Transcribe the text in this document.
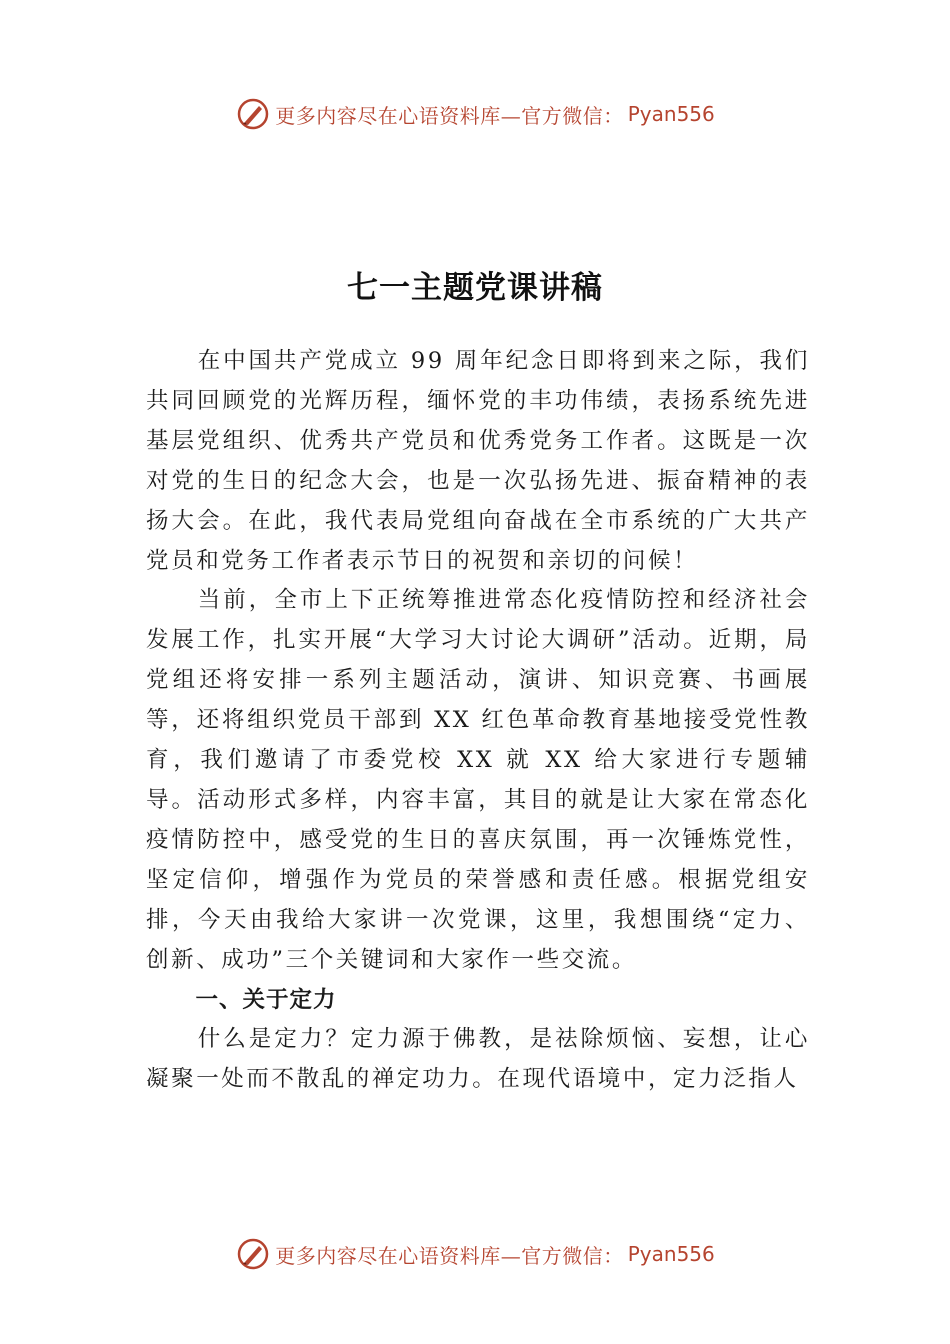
更多内容尽在心语资料库—官方微信： Pyan556
七一主题党课讲稿

在中国共产党成立 99 周年纪念日即将到来之际，我们共同回顾党的光辉历程，缅怀党的丰功伟绩，表扬系统先进基层党组织、优秀共产党员和优秀党务工作者。这既是一次对党的生日的纪念大会，也是一次弘扬先进、振奋精神的表扬大会。在此，我代表局党组向奋战在全市系统的广大共产党员和党务工作者表示节日的祝贺和亲切的问候！

当前，全市上下正统筹推进常态化疫情防控和经济社会发展工作，扎实开展“大学习大讨论大调研”活动。近期，局党组还将安排一系列主题活动，演讲、知识竞赛、书画展等，还将组织党员干部到 XX 红色革命教育基地接受党性教育，我们邀请了市委党校 XX 就 XX 给大家进行专题辅导。活动形式多样，内容丰富，其目的就是让大家在常态化疫情防控中，感受党的生日的喜庆氛围，再一次锤炼党性，坚定信仰，增强作为党员的荣誉感和责任感。根据党组安排，今天由我给大家讲一次党课，这里，我想围绕“定力、创新、成功”三个关键词和大家作一些交流。

一、关于定力

什么是定力？定力源于佛教，是祛除烦恼、妄想，让心凝聚一处而不散乱的禅定功力。在现代语境中，定力泛指人

更多内容尽在心语资料库—官方微信： Pyan556
